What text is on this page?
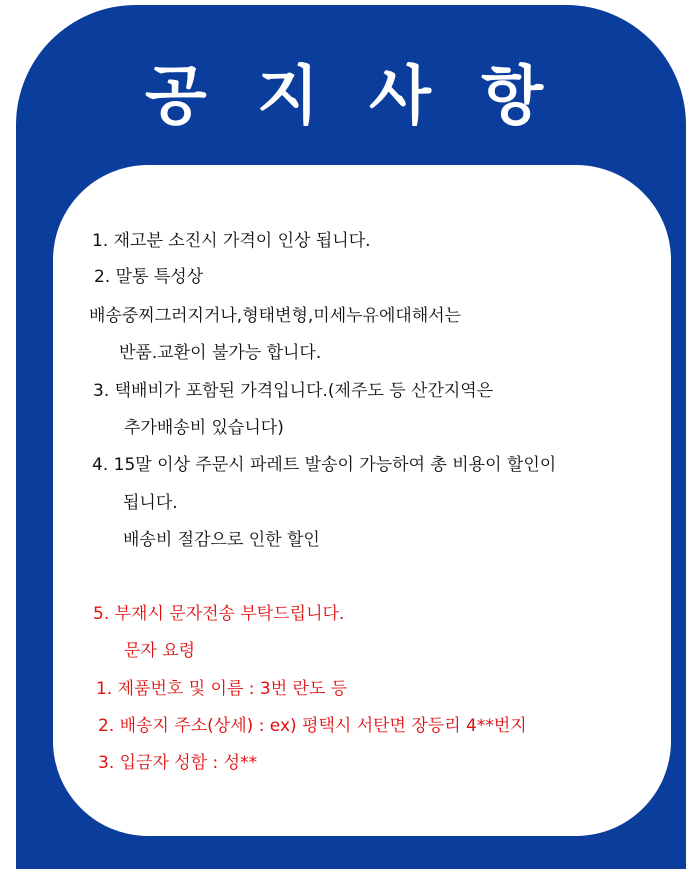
공 지 사 항

1. 재고분 소진시 가격이 인상 됩니다.

2. 말통 특성상

배송중찌그러지거나,형태변형,미세누유에대해서는

반품.교환이 불가능 합니다.

3. 택배비가 포함된 가격입니다.(제주도 등 산간지역은

추가배송비 있습니다)

4. 15말 이상 주문시 파레트 발송이 가능하여 총 비용이 할인이

됩니다.

배송비 절감으로 인한 할인

5. 부재시 문자전송 부탁드립니다.

문자 요령

1. 제품번호 및 이름 : 3번 란도 등

2. 배송지 주소(상세) : ex) 평택시 서탄면 장등리 4**번지

3. 입금자 성함 : 성**
